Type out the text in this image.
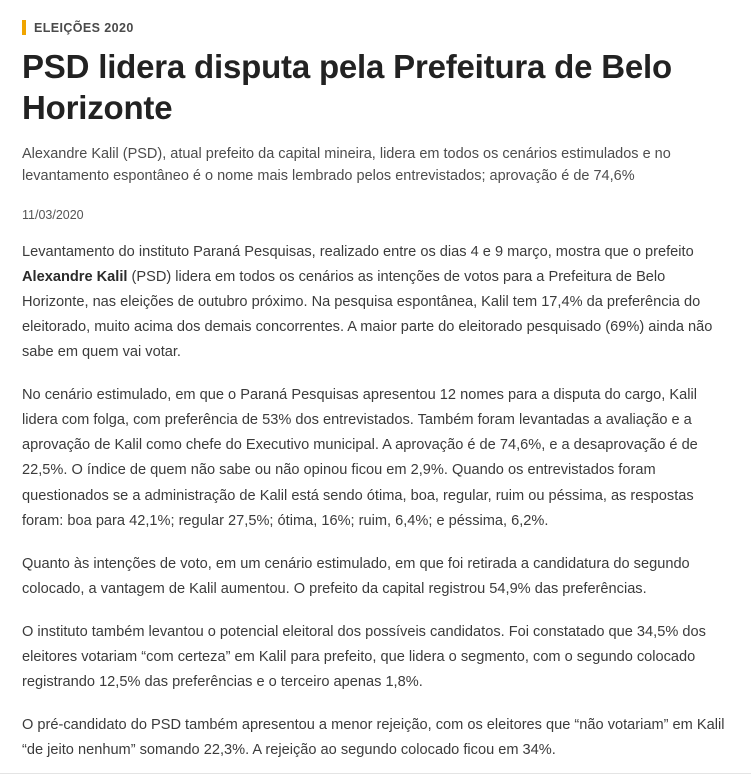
ELEIÇÕES 2020
PSD lidera disputa pela Prefeitura de Belo Horizonte

Alexandre Kalil (PSD), atual prefeito da capital mineira, lidera em todos os cenários estimulados e no levantamento espontâneo é o nome mais lembrado pelos entrevistados; aprovação é de 74,6%

11/03/2020

Levantamento do instituto Paraná Pesquisas, realizado entre os dias 4 e 9 março, mostra que o prefeito Alexandre Kalil (PSD) lidera em todos os cenários as intenções de votos para a Prefeitura de Belo Horizonte, nas eleições de outubro próximo. Na pesquisa espontânea, Kalil tem 17,4% da preferência do eleitorado, muito acima dos demais concorrentes. A maior parte do eleitorado pesquisado (69%) ainda não sabe em quem vai votar.

No cenário estimulado, em que o Paraná Pesquisas apresentou 12 nomes para a disputa do cargo, Kalil lidera com folga, com preferência de 53% dos entrevistados. Também foram levantadas a avaliação e a aprovação de Kalil como chefe do Executivo municipal. A aprovação é de 74,6%, e a desaprovação é de 22,5%. O índice de quem não sabe ou não opinou ficou em 2,9%. Quando os entrevistados foram questionados se a administração de Kalil está sendo ótima, boa, regular, ruim ou péssima, as respostas foram: boa para 42,1%; regular 27,5%; ótima, 16%; ruim, 6,4%; e péssima, 6,2%.

Quanto às intenções de voto, em um cenário estimulado, em que foi retirada a candidatura do segundo colocado, a vantagem de Kalil aumentou. O prefeito da capital registrou 54,9% das preferências.

O instituto também levantou o potencial eleitoral dos possíveis candidatos. Foi constatado que 34,5% dos eleitores votariam “com certeza” em Kalil para prefeito, que lidera o segmento, com o segundo colocado registrando 12,5% das preferências e o terceiro apenas 1,8%.

O pré-candidato do PSD também apresentou a menor rejeição, com os eleitores que “não votariam” em Kalil “de jeito nenhum” somando 22,3%. A rejeição ao segundo colocado ficou em 34%.
